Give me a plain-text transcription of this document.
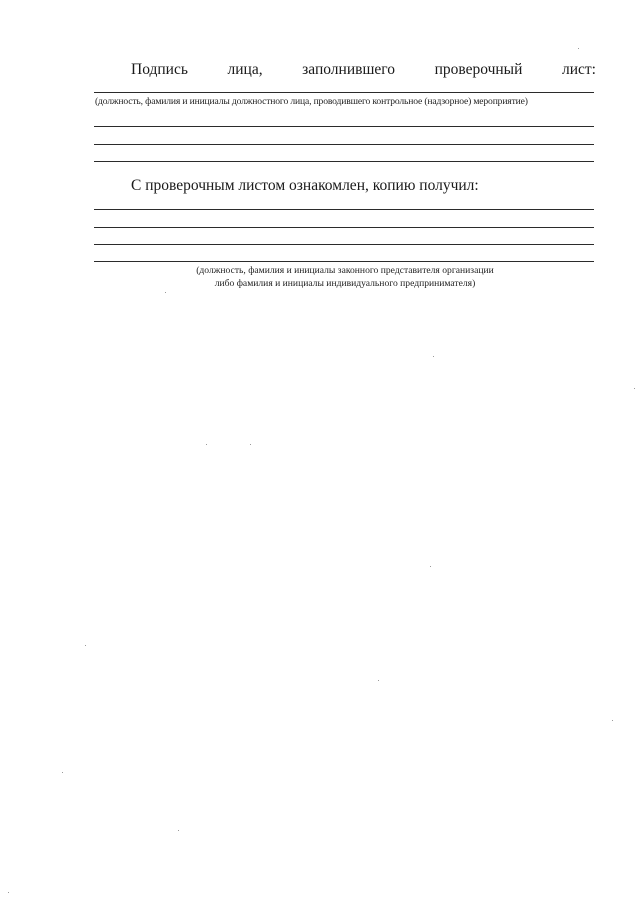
Подпись	лица,	заполнившего	проверочный	лист:
(должность, фамилия и инициалы должностного лица, проводившего контрольное (надзорное) мероприятие)
С проверочным листом ознакомлен, копию получил:
(должность, фамилия и инициалы законного представителя организации
либо фамилия и инициалы индивидуального предпринимателя)
